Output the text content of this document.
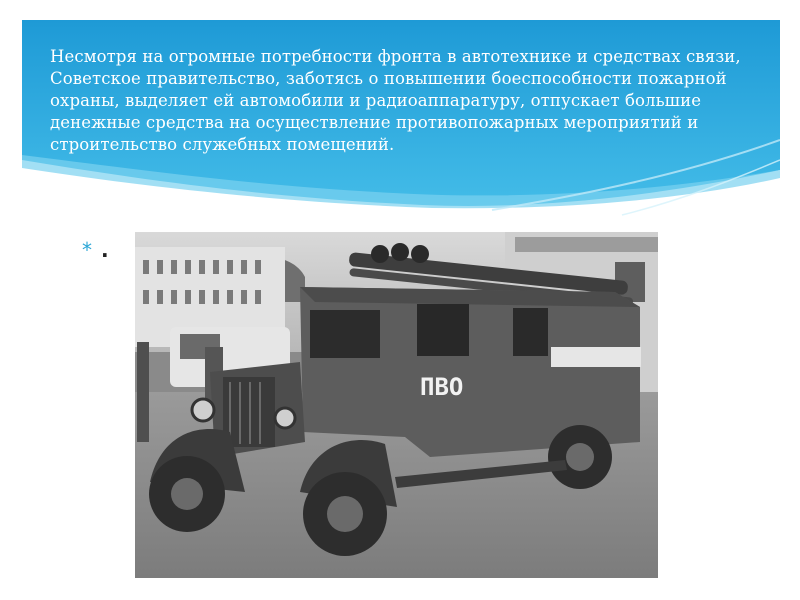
Несмотря на огромные потребности фронта в автотехнике и средствах связи, Советское правительство, заботясь о повышении боеспособности пожарной охраны, выделяет ей автомобили и радиоаппаратуру, отпускает большие денежные средства на осуществление противопожарных мероприятий и строительство служебных помещений.

* .
ПВО
